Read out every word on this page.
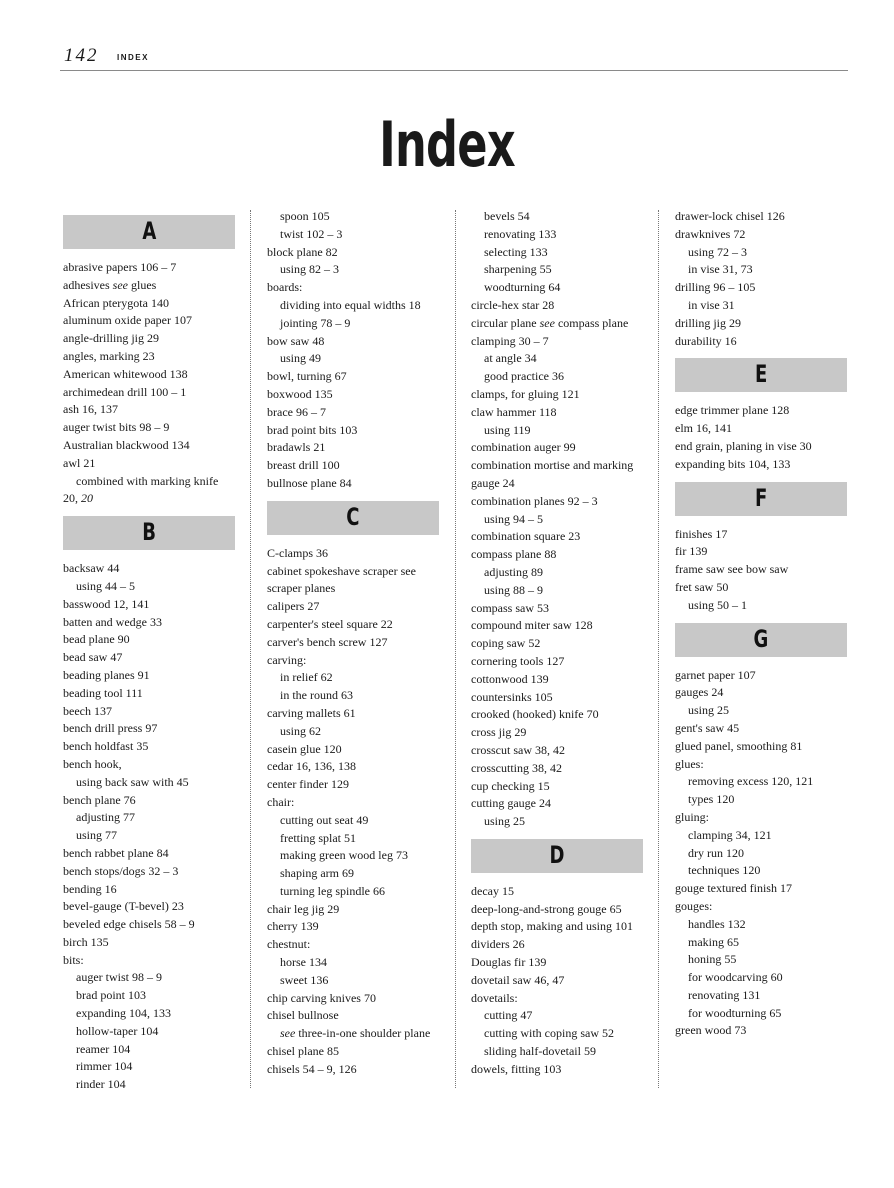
142 INDEX
Index
A
abrasive papers 106 – 7
adhesives see glues
African pterygota 140
aluminum oxide paper 107
angle-drilling jig 29
angles, marking 23
American whitewood 138
archimedean drill 100 – 1
ash 16, 137
auger twist bits 98 – 9
Australian blackwood 134
awl 21
combined with marking knife
20, 20
B
backsaw 44
using 44 – 5
basswood 12, 141
batten and wedge 33
bead plane 90
bead saw 47
beading planes 91
beading tool 111
beech 137
bench drill press 97
bench holdfast 35
bench hook,
using back saw with 45
bench plane 76
adjusting 77
using 77
bench rabbet plane 84
bench stops/dogs 32 – 3
bending 16
bevel-gauge (T-bevel) 23
beveled edge chisels 58 – 9
birch 135
bits:
auger twist 98 – 9
brad point 103
expanding 104, 133
hollow-taper 104
reamer 104
rimmer 104
rinder 104
spoon 105
twist 102 – 3
block plane 82
using 82 – 3
boards:
dividing into equal widths 18
jointing 78 – 9
bow saw 48
using 49
bowl, turning 67
boxwood 135
brace 96 – 7
brad point bits 103
bradawls 21
breast drill 100
bullnose plane 84
C
C-clamps 36
cabinet spokeshave scraper see
scraper planes
calipers 27
carpenter's steel square 22
carver's bench screw 127
carving:
in relief 62
in the round 63
carving mallets 61
using 62
casein glue 120
cedar 16, 136, 138
center finder 129
chair:
cutting out seat 49
fretting splat 51
making green wood leg 73
shaping arm 69
turning leg spindle 66
chair leg jig 29
cherry 139
chestnut:
horse 134
sweet 136
chip carving knives 70
chisel bullnose
see three-in-one shoulder plane
chisel plane 85
chisels 54 – 9, 126
bevels 54
renovating 133
selecting 133
sharpening 55
woodturning 64
circle-hex star 28
circular plane see compass plane
clamping 30 – 7
at angle 34
good practice 36
clamps, for gluing 121
claw hammer 118
using 119
combination auger 99
combination mortise and marking
gauge 24
combination planes 92 – 3
using 94 – 5
combination square 23
compass plane 88
adjusting 89
using 88 – 9
compass saw 53
compound miter saw 128
coping saw 52
cornering tools 127
cottonwood 139
countersinks 105
crooked (hooked) knife 70
cross jig 29
crosscut saw 38, 42
crosscutting 38, 42
cup checking 15
cutting gauge 24
using 25
D
decay 15
deep-long-and-strong gouge 65
depth stop, making and using 101
dividers 26
Douglas fir 139
dovetail saw 46, 47
dovetails:
cutting 47
cutting with coping saw 52
sliding half-dovetail 59
dowels, fitting 103
drawer-lock chisel 126
drawknives 72
using 72 – 3
in vise 31, 73
drilling 96 – 105
in vise 31
drilling jig 29
durability 16
E
edge trimmer plane 128
elm 16, 141
end grain, planing in vise 30
expanding bits 104, 133
F
finishes 17
fir 139
frame saw see bow saw
fret saw 50
using 50 – 1
G
garnet paper 107
gauges 24
using 25
gent's saw 45
glued panel, smoothing 81
glues:
removing excess 120, 121
types 120
gluing:
clamping 34, 121
dry run 120
techniques 120
gouge textured finish 17
gouges:
handles 132
making 65
honing 55
for woodcarving 60
renovating 131
for woodturning 65
green wood 73
